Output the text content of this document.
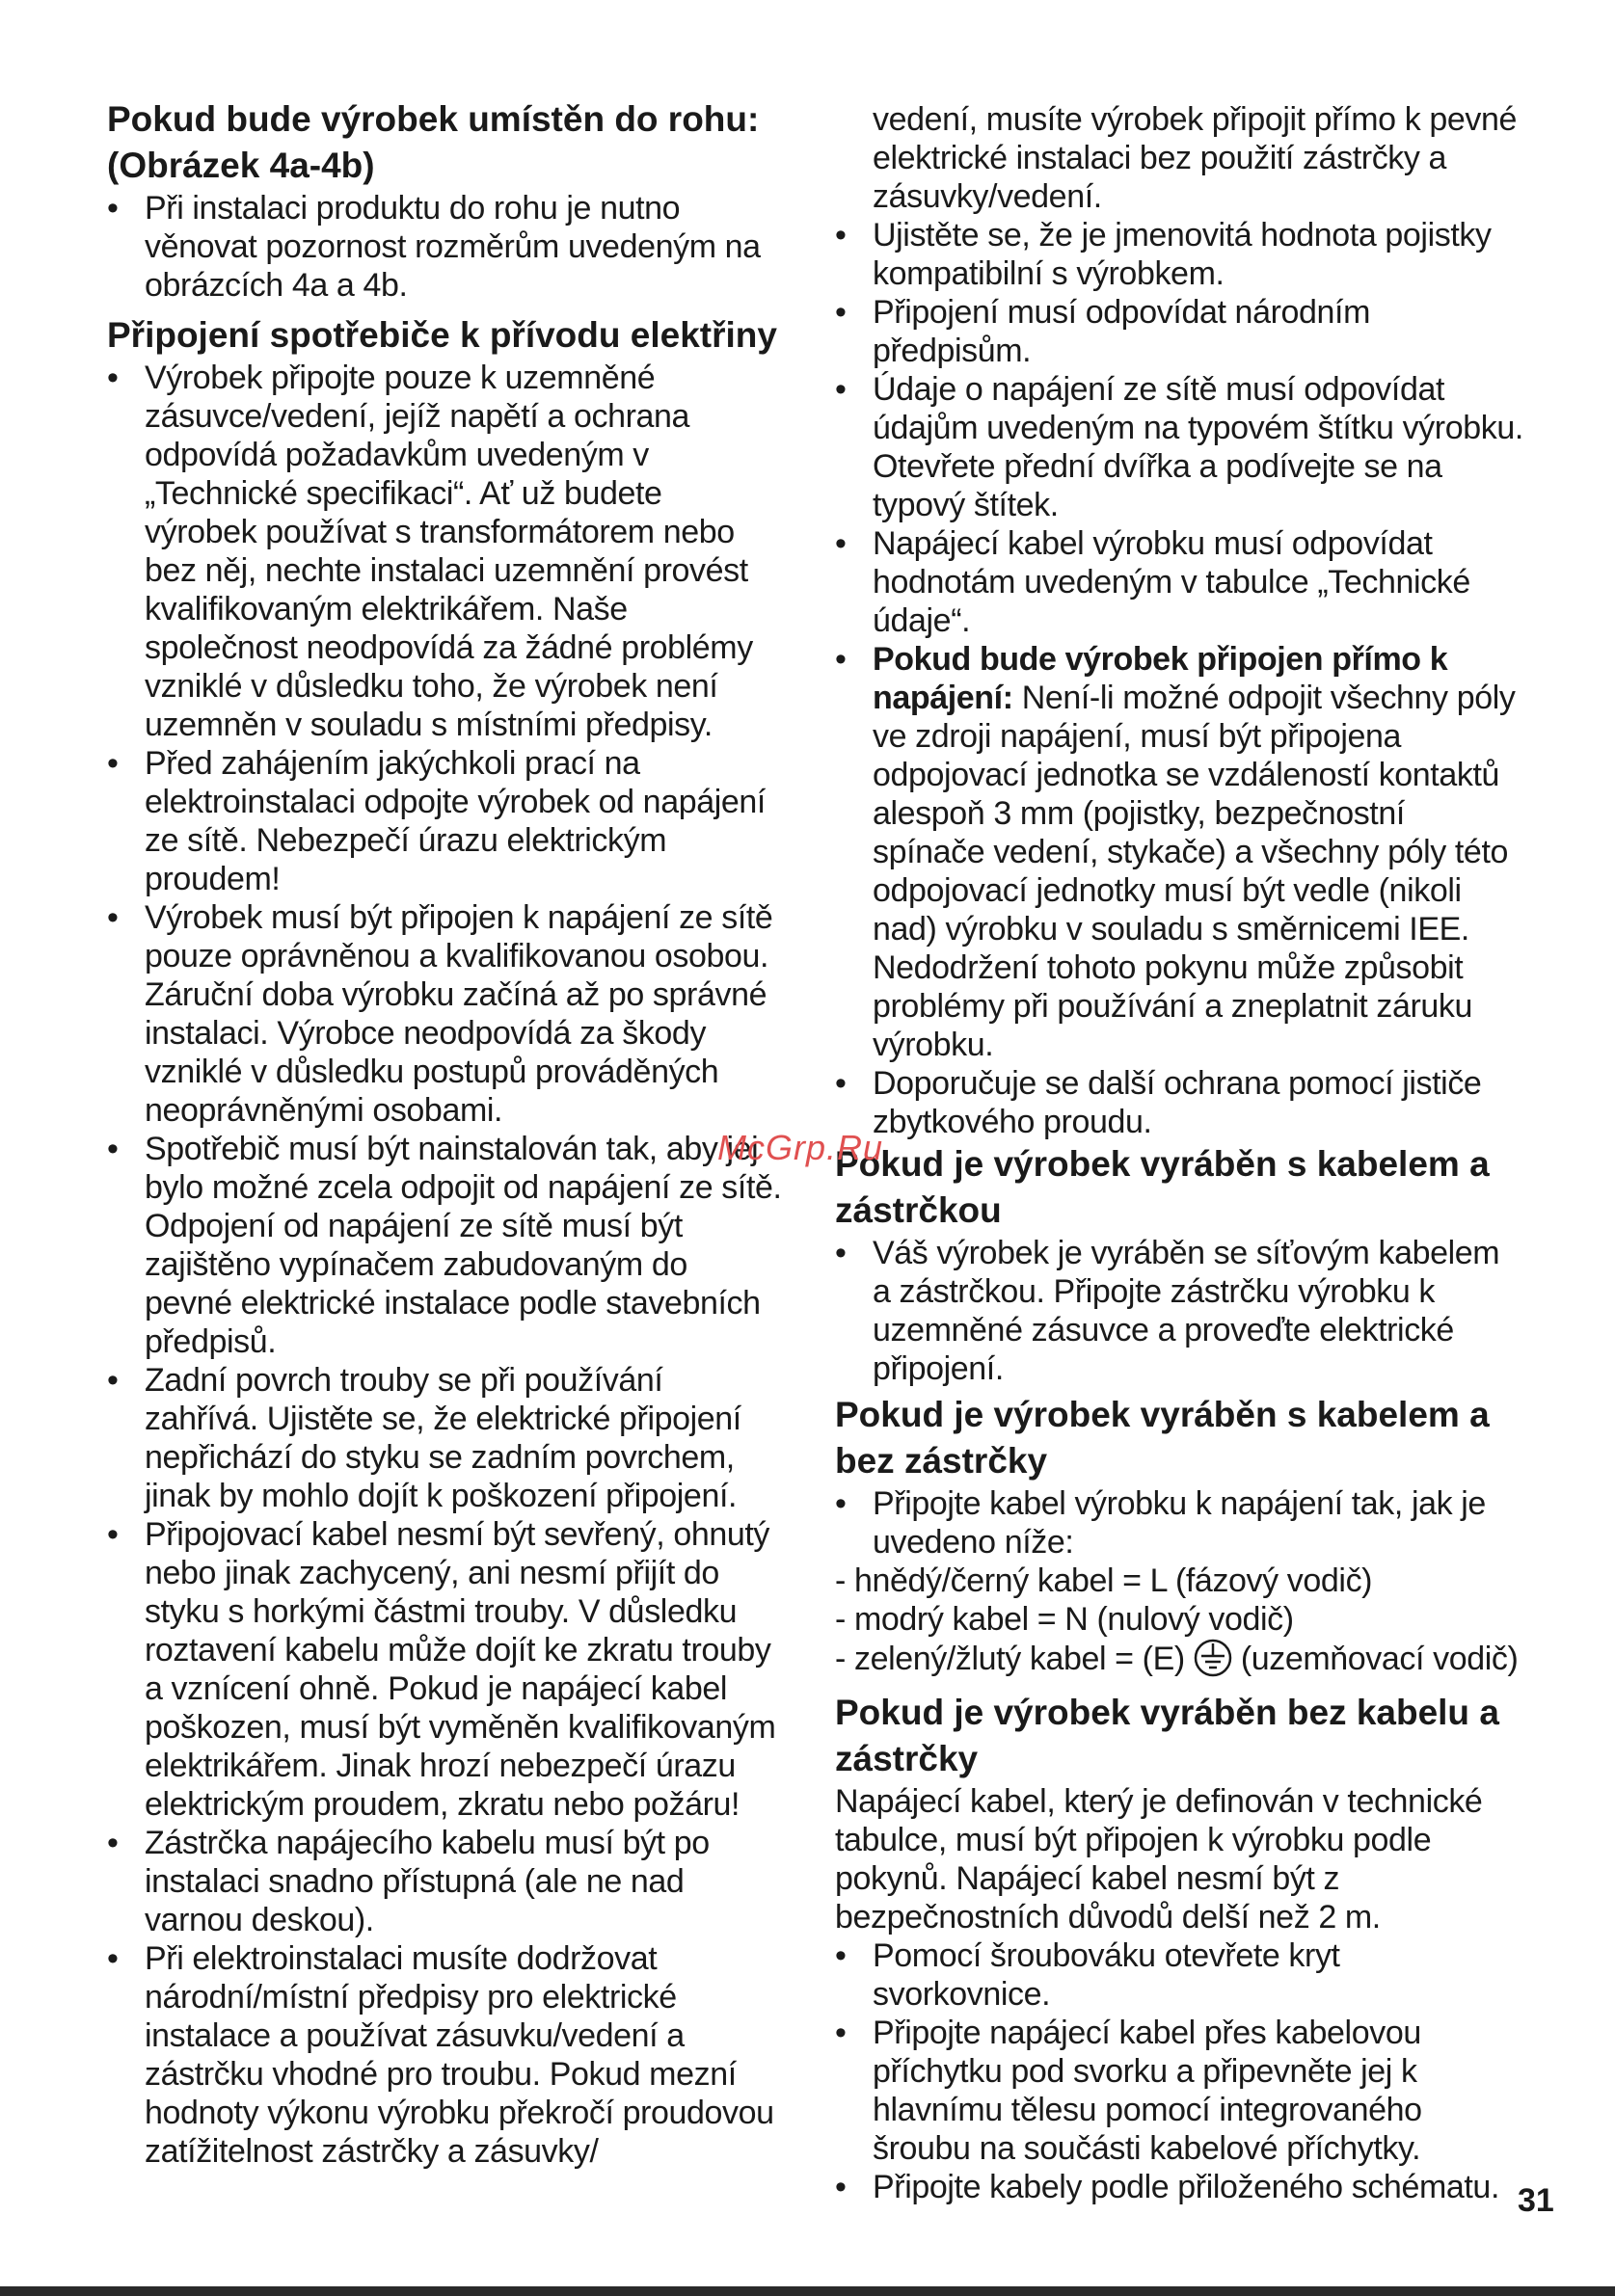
Pokud bude výrobek umístěn do rohu: (Obrázek 4a-4b)
• Při instalaci produktu do rohu je nutno věnovat pozornost rozměrům uvedeným na obrázcích 4a a 4b.
Připojení spotřebiče k přívodu elektřiny
• Výrobek připojte pouze k uzemněné zásuvce/vedení, jejíž napětí a ochrana odpovídá požadavkům uvedeným v „Technické specifikaci“. Ať už budete výrobek používat s transformátorem nebo bez něj, nechte instalaci uzemnění provést kvalifikovaným elektrikářem. Naše společnost neodpovídá za žádné problémy vzniklé v důsledku toho, že výrobek není uzemněn v souladu s místními předpisy.
• Před zahájením jakýchkoli prací na elektroinstalaci odpojte výrobek od napájení ze sítě. Nebezpečí úrazu elektrickým proudem!
• Výrobek musí být připojen k napájení ze sítě pouze oprávněnou a kvalifikovanou osobou. Záruční doba výrobku začíná až po správné instalaci. Výrobce neodpovídá za škody vzniklé v důsledku postupů prováděných neoprávněnými osobami.
• Spotřebič musí být nainstalován tak, aby jej bylo možné zcela odpojit od napájení ze sítě. Odpojení od napájení ze sítě musí být zajištěno vypínačem zabudovaným do pevné elektrické instalace podle stavebních předpisů.
• Zadní povrch trouby se při používání zahřívá. Ujistěte se, že elektrické připojení nepřichází do styku se zadním povrchem, jinak by mohlo dojít k poškození připojení.
• Připojovací kabel nesmí být sevřený, ohnutý nebo jinak zachycený, ani nesmí přijít do styku s horkými částmi trouby. V důsledku roztavení kabelu může dojít ke zkratu trouby a vznícení ohně. Pokud je napájecí kabel poškozen, musí být vyměněn kvalifikovaným elektrikářem. Jinak hrozí nebezpečí úrazu elektrickým proudem, zkratu nebo požáru!
• Zástrčka napájecího kabelu musí být po instalaci snadno přístupná (ale ne nad varnou deskou).
• Při elektroinstalaci musíte dodržovat národní/místní předpisy pro elektrické instalace a používat zásuvku/vedení a zástrčku vhodné pro troubu. Pokud mezní hodnoty výkonu výrobku překročí proudovou zatížitelnost zástrčky a zásuvky/

vedení, musíte výrobek připojit přímo k pevné elektrické instalaci bez použití zástrčky a zásuvky/vedení.

• Ujistěte se, že je jmenovitá hodnota pojistky kompatibilní s výrobkem.
• Připojení musí odpovídat národním předpisům.
• Údaje o napájení ze sítě musí odpovídat údajům uvedeným na typovém štítku výrobku. Otevřete přední dvířka a podívejte se na typový štítek.
• Napájecí kabel výrobku musí odpovídat hodnotám uvedeným v tabulce „Technické údaje“.
• Pokud bude výrobek připojen přímo k napájení: Není-li možné odpojit všechny póly ve zdroji napájení, musí být připojena odpojovací jednotka se vzdáleností kontaktů alespoň 3 mm (pojistky, bezpečnostní spínače vedení, stykače) a všechny póly této odpojovací jednotky musí být vedle (nikoli nad) výrobku v souladu s směrnicemi IEE. Nedodržení tohoto pokynu může způsobit problémy při používání a zneplatnit záruku výrobku.
• Doporučuje se další ochrana pomocí jističe zbytkového proudu.
Pokud je výrobek vyráběn s kabelem a zástrčkou
• Váš výrobek je vyráběn se síťovým kabelem a zástrčkou. Připojte zástrčku výrobku k uzemněné zásuvce a proveďte elektrické připojení.
Pokud je výrobek vyráběn s kabelem a bez zástrčky
• Připojte kabel výrobku k napájení tak, jak je uvedeno níže:

- hnědý/černý kabel = L (fázový vodič)

- modrý kabel = N (nulový vodič)

- zelený/žlutý kabel = (E) (uzemňovací vodič)

Pokud je výrobek vyráběn bez kabelu a zástrčky

Napájecí kabel, který je definován v technické tabulce, musí být připojen k výrobku podle pokynů. Napájecí kabel nesmí být z bezpečnostních důvodů delší než 2 m.

• Pomocí šroubováku otevřete kryt svorkovnice.
• Připojte napájecí kabel přes kabelovou příchytku pod svorku a připevněte jej k hlavnímu tělesu pomocí integrovaného šroubu na součásti kabelové příchytky.
• Připojte kabely podle přiloženého schématu.
McGrp.Ru
31
